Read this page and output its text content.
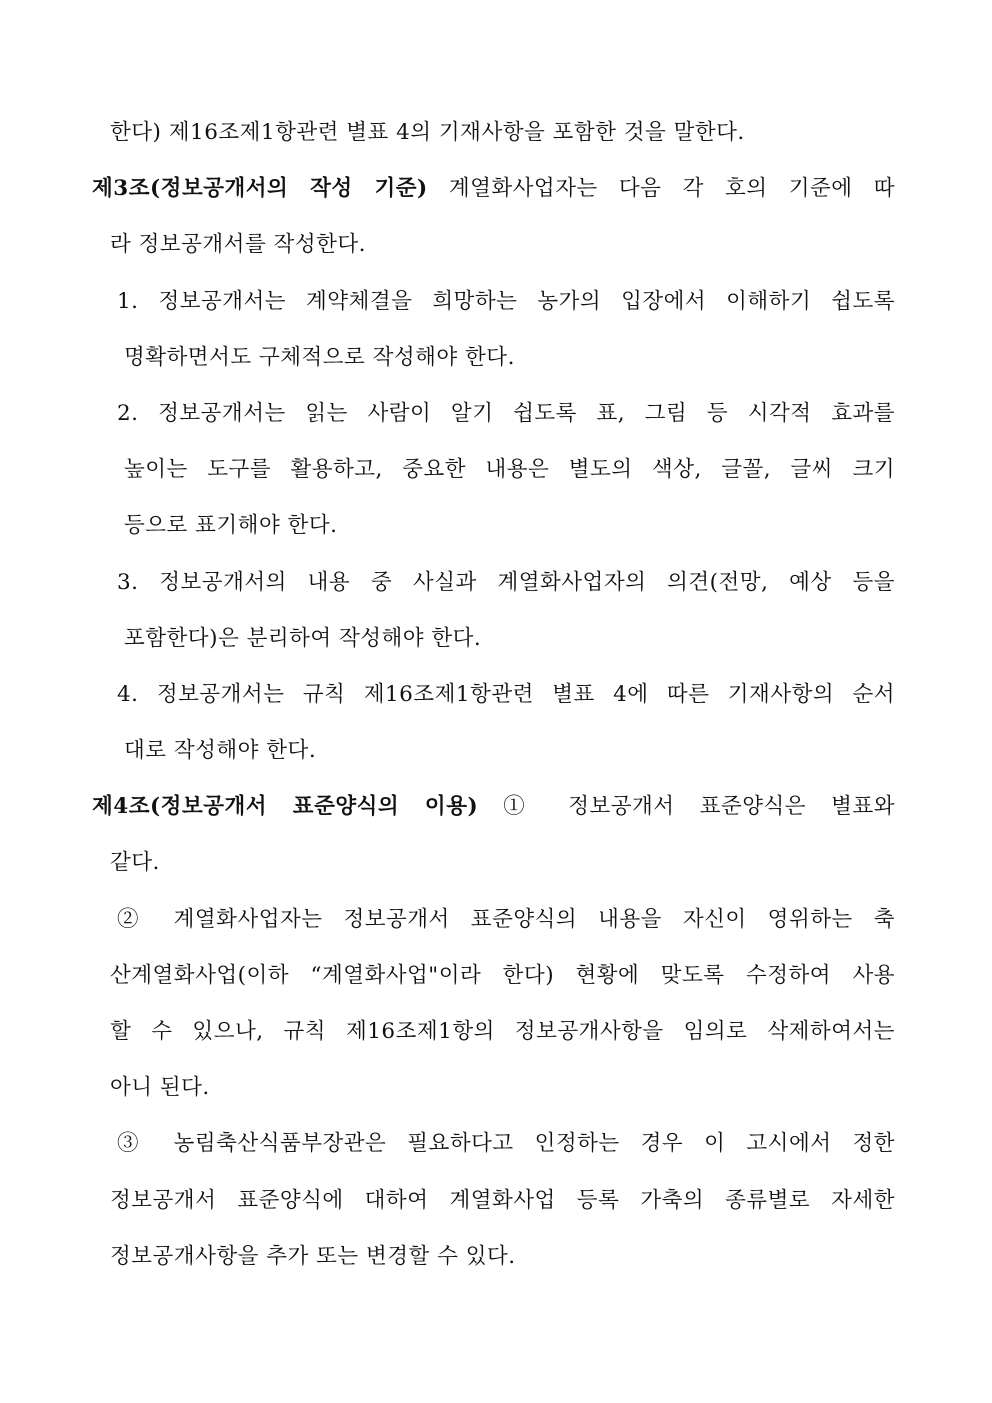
한다) 제16조제1항관련 별표 4의 기재사항을 포함한 것을 말한다.
제3조(정보공개서의 작성 기준) 계열화사업자는 다음 각 호의 기준에 따
라 정보공개서를 작성한다.
1. 정보공개서는 계약체결을 희망하는 농가의 입장에서 이해하기 쉽도록
명확하면서도 구체적으로 작성해야 한다.
2. 정보공개서는 읽는 사람이 알기 쉽도록 표, 그림 등 시각적 효과를
높이는 도구를 활용하고, 중요한 내용은 별도의 색상, 글꼴, 글씨 크기
등으로 표기해야 한다.
3. 정보공개서의 내용 중 사실과 계열화사업자의 의견(전망, 예상 등을
포함한다)은 분리하여 작성해야 한다.
4. 정보공개서는 규칙 제16조제1항관련 별표 4에 따른 기재사항의 순서
대로 작성해야 한다.
제4조(정보공개서 표준양식의 이용) ① 정보공개서 표준양식은 별표와
같다.
② 계열화사업자는 정보공개서 표준양식의 내용을 자신이 영위하는 축
산계열화사업(이하 “계열화사업"이라 한다) 현황에 맞도록 수정하여 사용
할 수 있으나, 규칙 제16조제1항의 정보공개사항을 임의로 삭제하여서는
아니 된다.
③ 농림축산식품부장관은 필요하다고 인정하는 경우 이 고시에서 정한
정보공개서 표준양식에 대하여 계열화사업 등록 가축의 종류별로 자세한
정보공개사항을 추가 또는 변경할 수 있다.
